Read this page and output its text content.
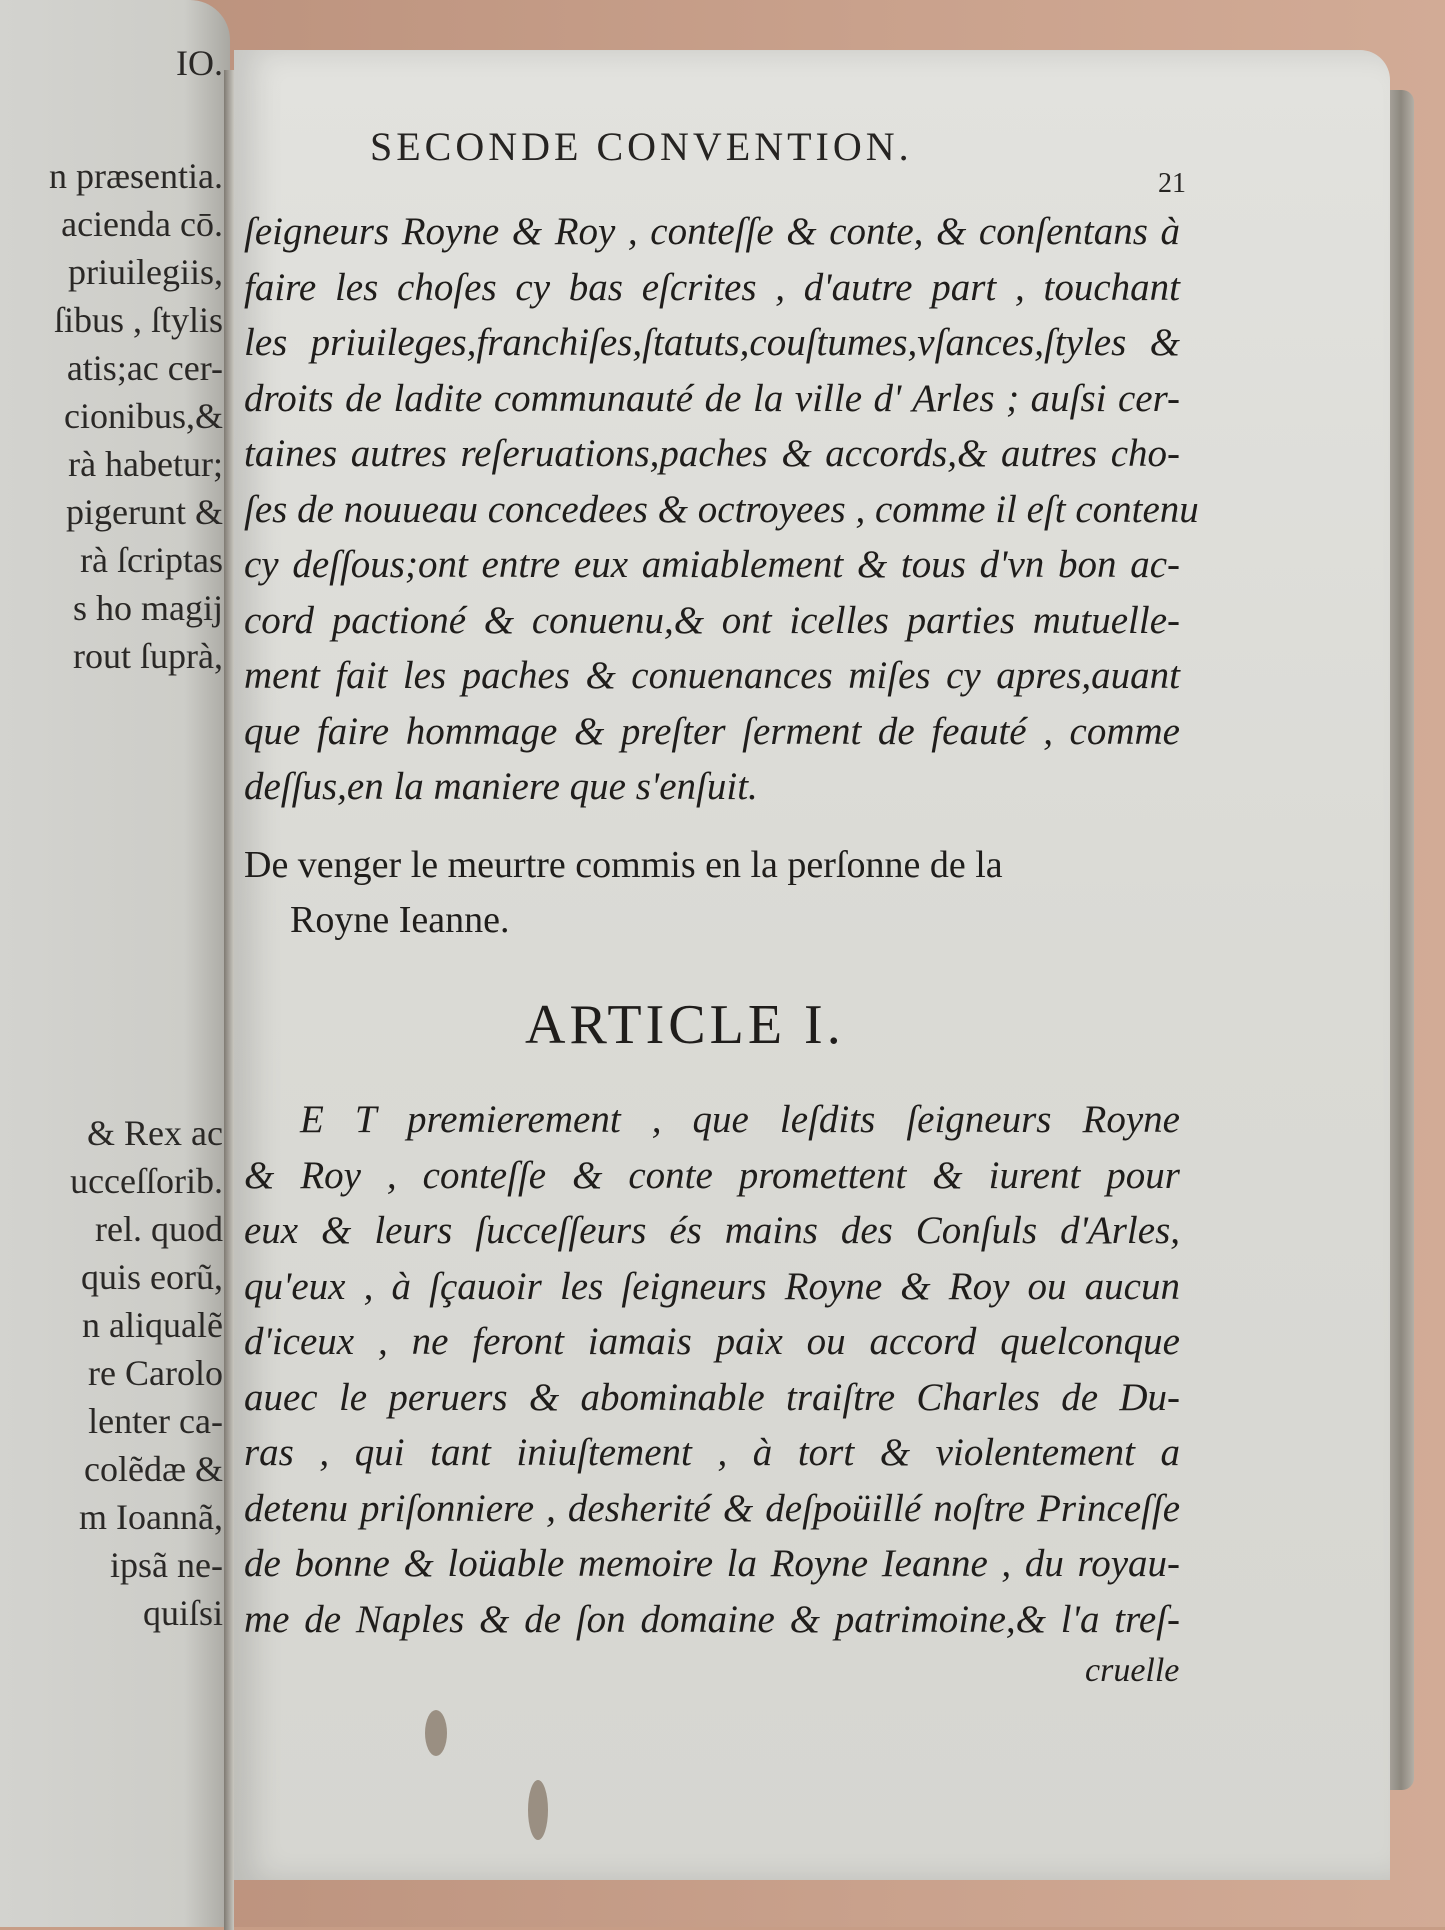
IO.
n præsentia.
acienda cō.
priuilegiis,
ſibus , ſtylis
atis;ac cer-
cionibus,&
rà habetur;
pigerunt &
rà ſcriptas
s ho magij
rout ſuprà,
& Rex ac
ucceſſorib.
rel. quod
quis eorũ,
n aliqualẽ
re Carolo
lenter ca-
colẽdæ &
m Ioannã,
ipsã ne-
quiſsi
SECONDE CONVENTION.
21
ſeigneurs Royne & Roy , conteſſe & conte, & conſentans à
faire les choſes cy bas eſcrites , d'autre part , touchant
les priuileges,franchiſes,ſtatuts,couſtumes,vſances,ſtyles &
droits de ladite communauté de la ville d' Arles ; auſsi cer-
taines autres reſeruations,paches & accords,& autres cho-
ſes de nouueau concedees & octroyees , comme il eſt contenu
cy deſſous;ont entre eux amiablement & tous d'vn bon ac-
cord pactioné & conuenu,& ont icelles parties mutuelle-
ment fait les paches & conuenances miſes cy apres,auant
que faire hommage & preſter ſerment de feauté , comme
deſſus,en la maniere que s'enſuit.
E T premierement , que leſdits ſeigneurs Royne
& Roy , conteſſe & conte promettent & iurent pour
eux & leurs ſucceſſeurs és mains des Conſuls d'Arles,
qu'eux , à ſçauoir les ſeigneurs Royne & Roy ou aucun
d'iceux , ne feront iamais paix ou accord quelconque
auec le peruers & abominable traiſtre Charles de Du-
ras , qui tant iniuſtement , à tort & violentement a
detenu priſonniere , desherité & deſpoüillé noſtre Princeſſe
de bonne & loüable memoire la Royne Ieanne , du royau-
me de Naples & de ſon domaine & patrimoine,& l'a treſ-
De venger le meurtre commis en la perſonne de la
Royne Ieanne.
ARTICLE I.
cruelle
